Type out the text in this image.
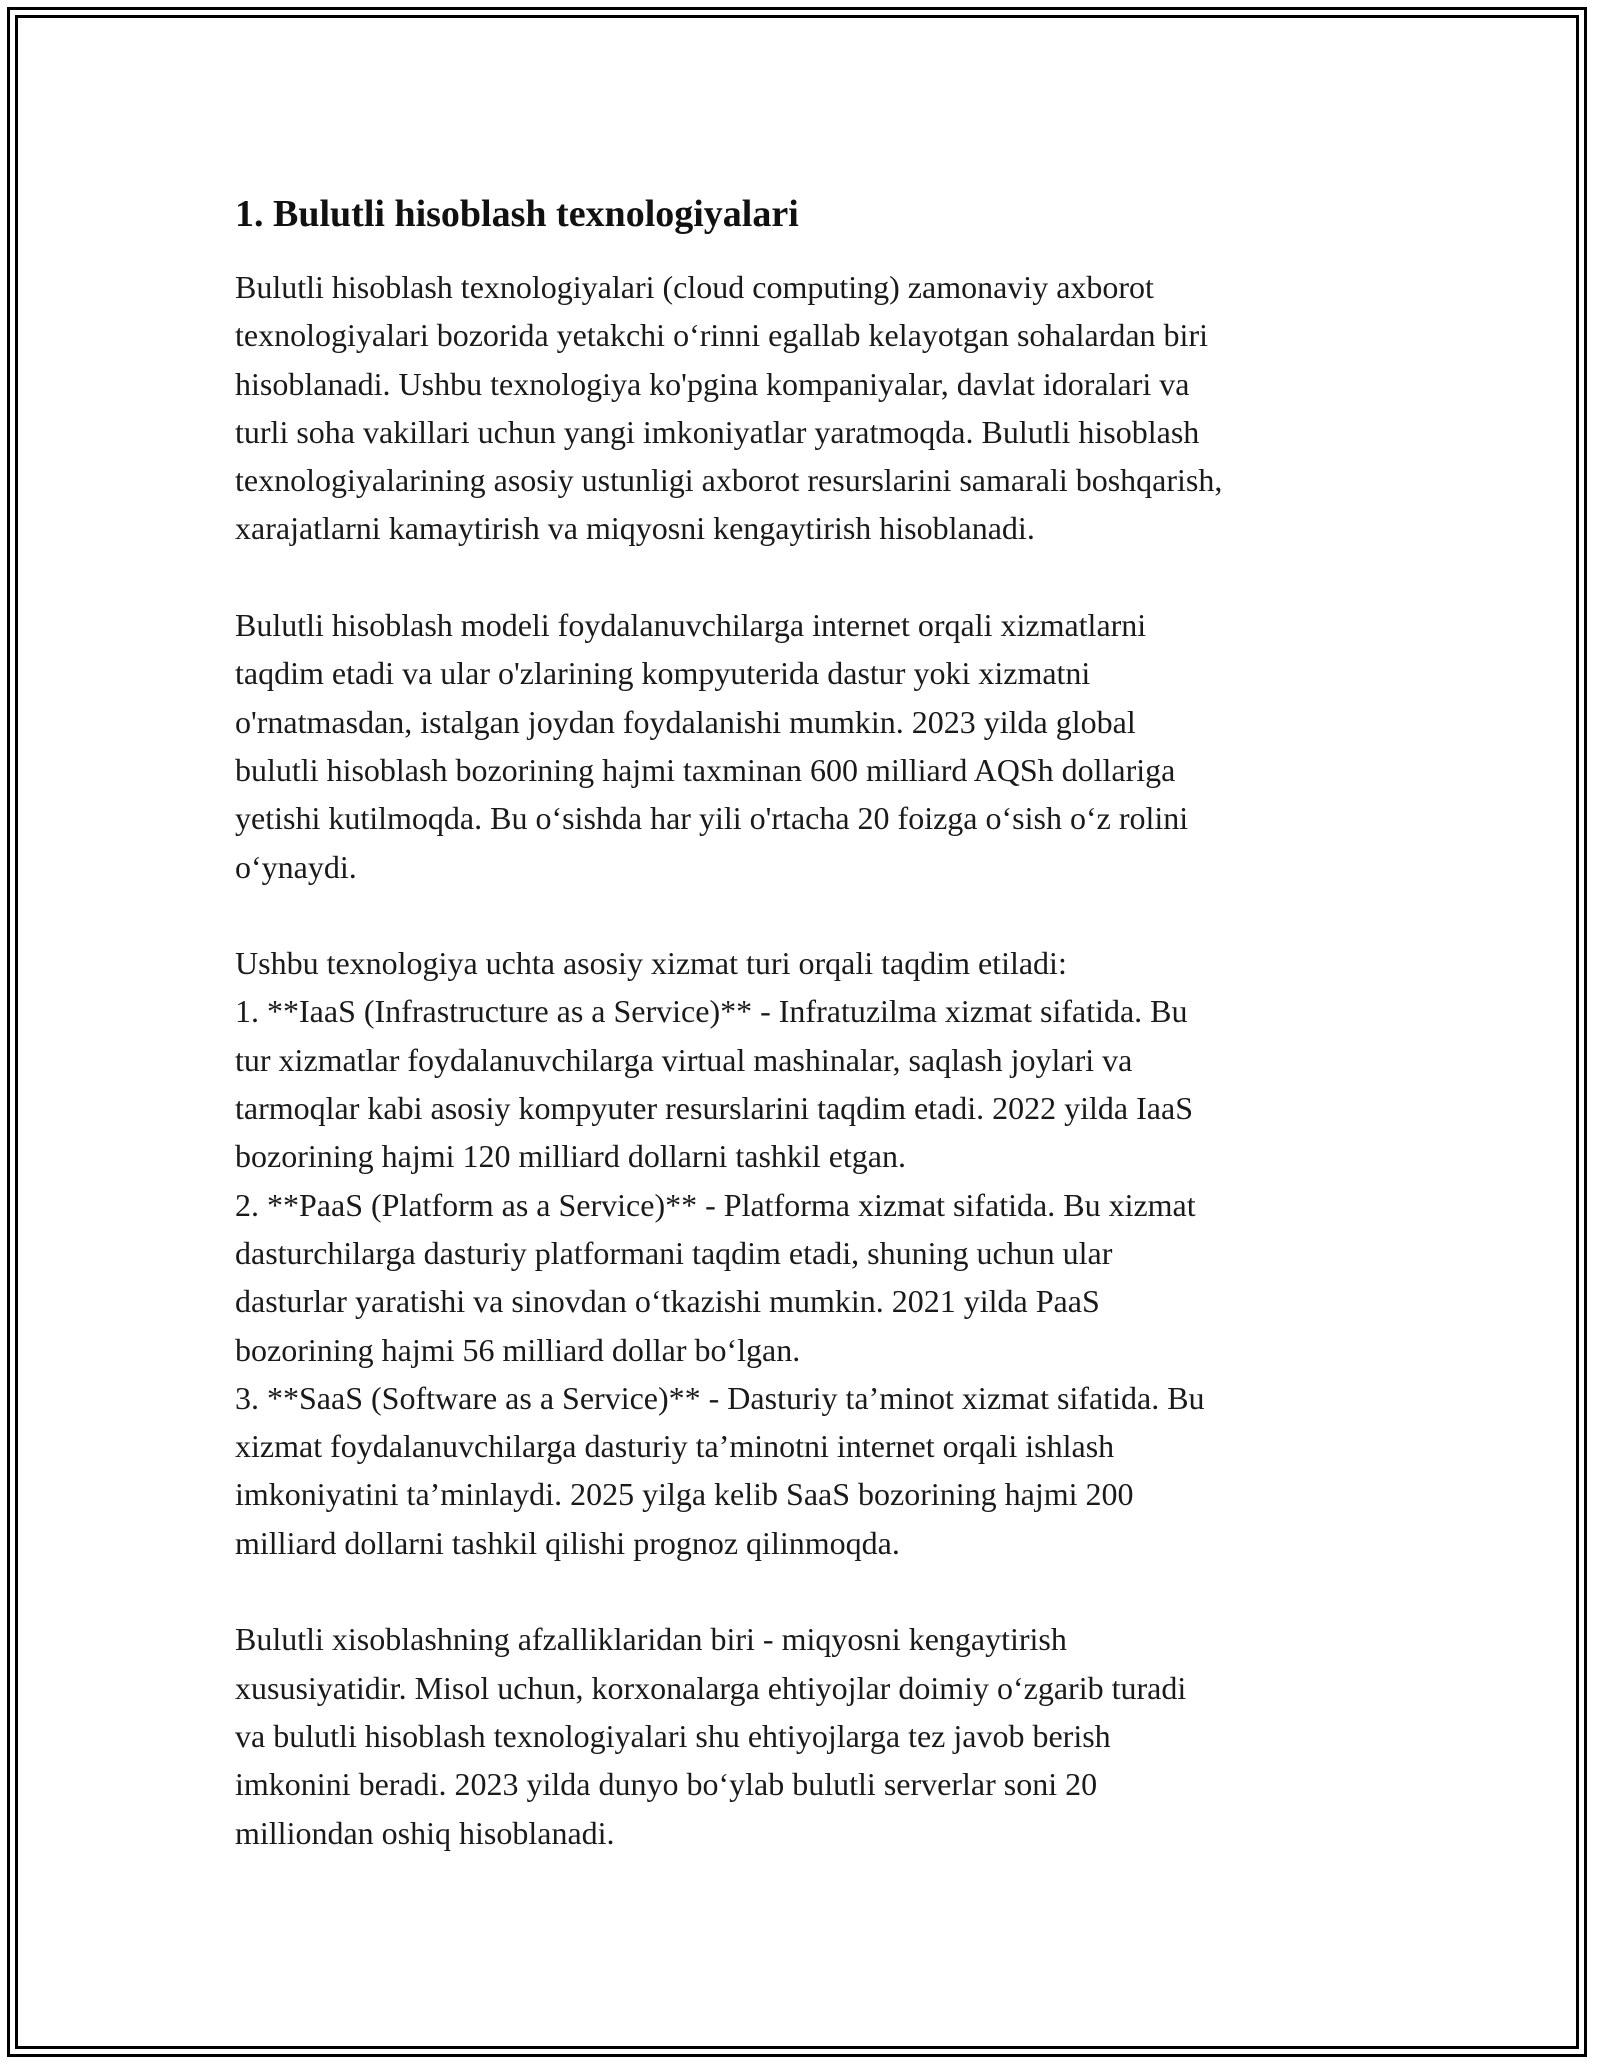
1. Bulutli hisoblash texnologiyalari
Bulutli hisoblash texnologiyalari (cloud computing) zamonaviy axborot
texnologiyalari bozorida yetakchi oʻrinni egallab kelayotgan sohalardan biri
hisoblanadi. Ushbu texnologiya ko'pgina kompaniyalar, davlat idoralari va
turli soha vakillari uchun yangi imkoniyatlar yaratmoqda. Bulutli hisoblash
texnologiyalarining asosiy ustunligi axborot resurslarini samarali boshqarish,
xarajatlarni kamaytirish va miqyosni kengaytirish hisoblanadi.
Bulutli hisoblash modeli foydalanuvchilarga internet orqali xizmatlarni
taqdim etadi va ular o'zlarining kompyuterida dastur yoki xizmatni
o'rnatmasdan, istalgan joydan foydalanishi mumkin. 2023 yilda global
bulutli hisoblash bozorining hajmi taxminan 600 milliard AQSh dollariga
yetishi kutilmoqda. Bu oʻsishda har yili o'rtacha 20 foizga oʻsish oʻz rolini
oʻynaydi.
Ushbu texnologiya uchta asosiy xizmat turi orqali taqdim etiladi:
1. **IaaS (Infrastructure as a Service)** - Infratuzilma xizmat sifatida. Bu
tur xizmatlar foydalanuvchilarga virtual mashinalar, saqlash joylari va
tarmoqlar kabi asosiy kompyuter resurslarini taqdim etadi. 2022 yilda IaaS
bozorining hajmi 120 milliard dollarni tashkil etgan.
2. **PaaS (Platform as a Service)** - Platforma xizmat sifatida. Bu xizmat
dasturchilarga dasturiy platformani taqdim etadi, shuning uchun ular
dasturlar yaratishi va sinovdan oʻtkazishi mumkin. 2021 yilda PaaS
bozorining hajmi 56 milliard dollar boʻlgan.
3. **SaaS (Software as a Service)** - Dasturiy taʼminot xizmat sifatida. Bu
xizmat foydalanuvchilarga dasturiy taʼminotni internet orqali ishlash
imkoniyatini taʼminlaydi. 2025 yilga kelib SaaS bozorining hajmi 200
milliard dollarni tashkil qilishi prognoz qilinmoqda.
Bulutli xisoblashning afzalliklaridan biri - miqyosni kengaytirish
xususiyatidir. Misol uchun, korxonalarga ehtiyojlar doimiy oʻzgarib turadi
va bulutli hisoblash texnologiyalari shu ehtiyojlarga tez javob berish
imkonini beradi. 2023 yilda dunyo boʻylab bulutli serverlar soni 20
milliondan oshiq hisoblanadi.
